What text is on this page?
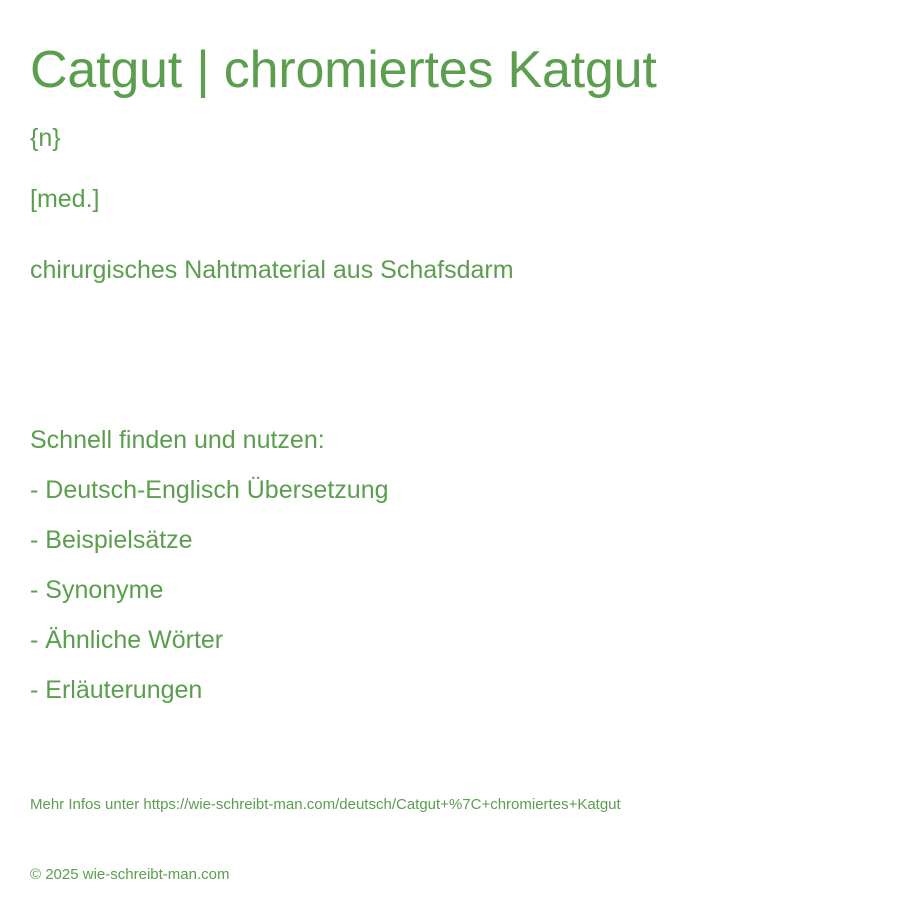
Catgut | chromiertes Katgut
{n}
[med.]
chirurgisches Nahtmaterial aus Schafsdarm
Schnell finden und nutzen:
- Deutsch-Englisch Übersetzung
- Beispielsätze
- Synonyme
- Ähnliche Wörter
- Erläuterungen
Mehr Infos unter https://wie-schreibt-man.com/deutsch/Catgut+%7C+chromiertes+Katgut
© 2025 wie-schreibt-man.com
